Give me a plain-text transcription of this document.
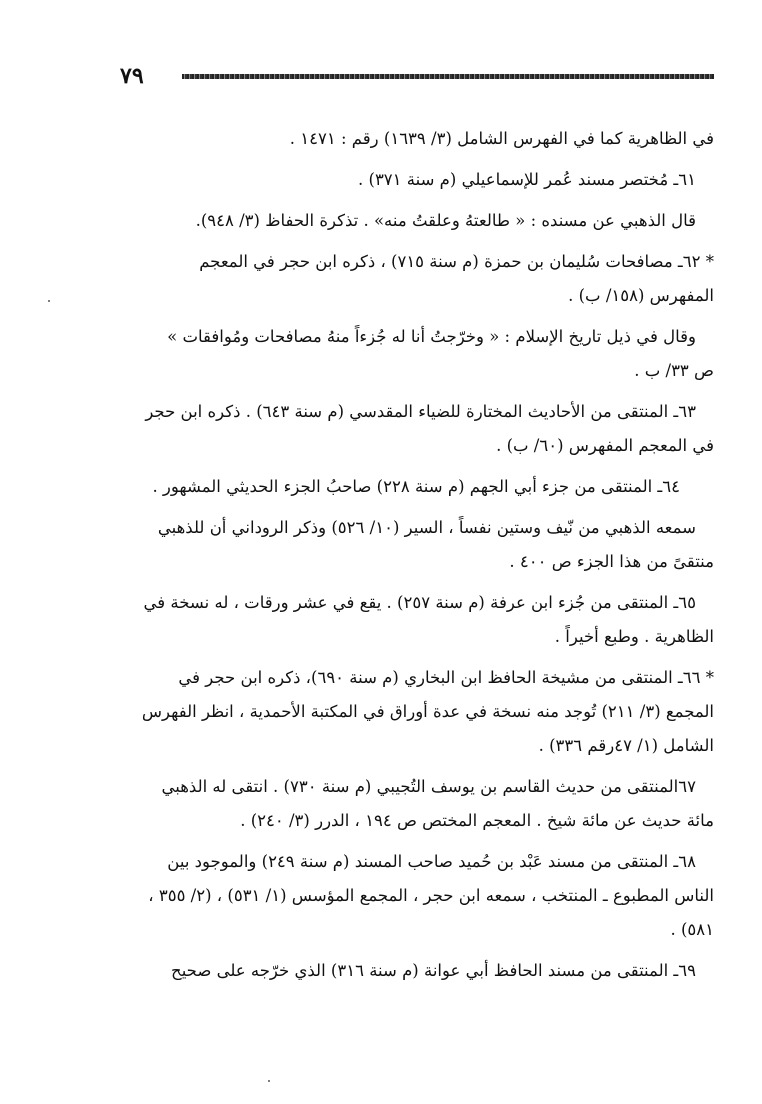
٧٩

في الظاهرية كما في الفهرس الشامل (٣/ ١٦٣٩) رقم : ١٤٧١ .

٦١ـ مُختصر مسند عُمر للإسماعيلي (م سنة ٣٧١) .

قال الذهبي عن مسنده : « طالعتهُ وعلقتُ منه» . تذكرة الحفاظ (٣/ ٩٤٨).

* ٦٢ـ مصافحات سُليمان بن حمزة (م سنة ٧١٥) ، ذكره ابن حجر في المعجم
المفهرس (١٥٨/ ب) .

وقال في ذيل تاريخ الإسلام : « وخرّجتُ أنا له جُزءاً منهُ مصافحات ومُوافقات »
ص ٣٣/ ب .

٦٣ـ المنتقى من الأحاديث المختارة للضياء المقدسي (م سنة ٦٤٣) . ذكره ابن حجر
في المعجم المفهرس (٦٠/ ب) .

٦٤ـ المنتقى من جزء أبي الجهم (م سنة ٢٢٨) صاحبُ الجزء الحديثي المشهور .

سمعه الذهبي من نّيف وستين نفساً ، السير (١٠/ ٥٢٦) وذكر الروداني أن للذهبي
منتقىً من هذا الجزء ص ٤٠٠ .

٦٥ـ المنتقى من جُزء ابن عرفة (م سنة ٢٥٧) . يقع في عشر ورقات ، له نسخة في
الظاهرية . وطبع أخيراً .

* ٦٦ـ المنتقى من مشيخة الحافظ ابن البخاري (م سنة ٦٩٠)، ذكره ابن حجر في
المجمع (٣/ ٢١١) تُوجد منه نسخة في عدة أوراق في المكتبة الأحمدية ، انظر الفهرس
الشامل (١/ ٤٧رقم ٣٣٦) .

٦٧المنتقى من حديث القاسم بن يوسف التُجيبي (م سنة ٧٣٠) . انتقى له الذهبي
مائة حديث عن مائة شيخ . المعجم المختص ص ١٩٤ ، الدرر (٣/ ٢٤٠) .

٦٨ـ المنتقى من مسند عَبْد بن حُميد صاحب المسند (م سنة ٢٤٩) والموجود بين
الناس المطبوع ـ المنتخب ، سمعه ابن حجر ، المجمع المؤسس (١/ ٥٣١) ، (٢/ ٣٥٥ ،
٥٨١) .

٦٩ـ المنتقى من مسند الحافظ أبي عوانة (م سنة ٣١٦) الذي خرّجه على صحيح
